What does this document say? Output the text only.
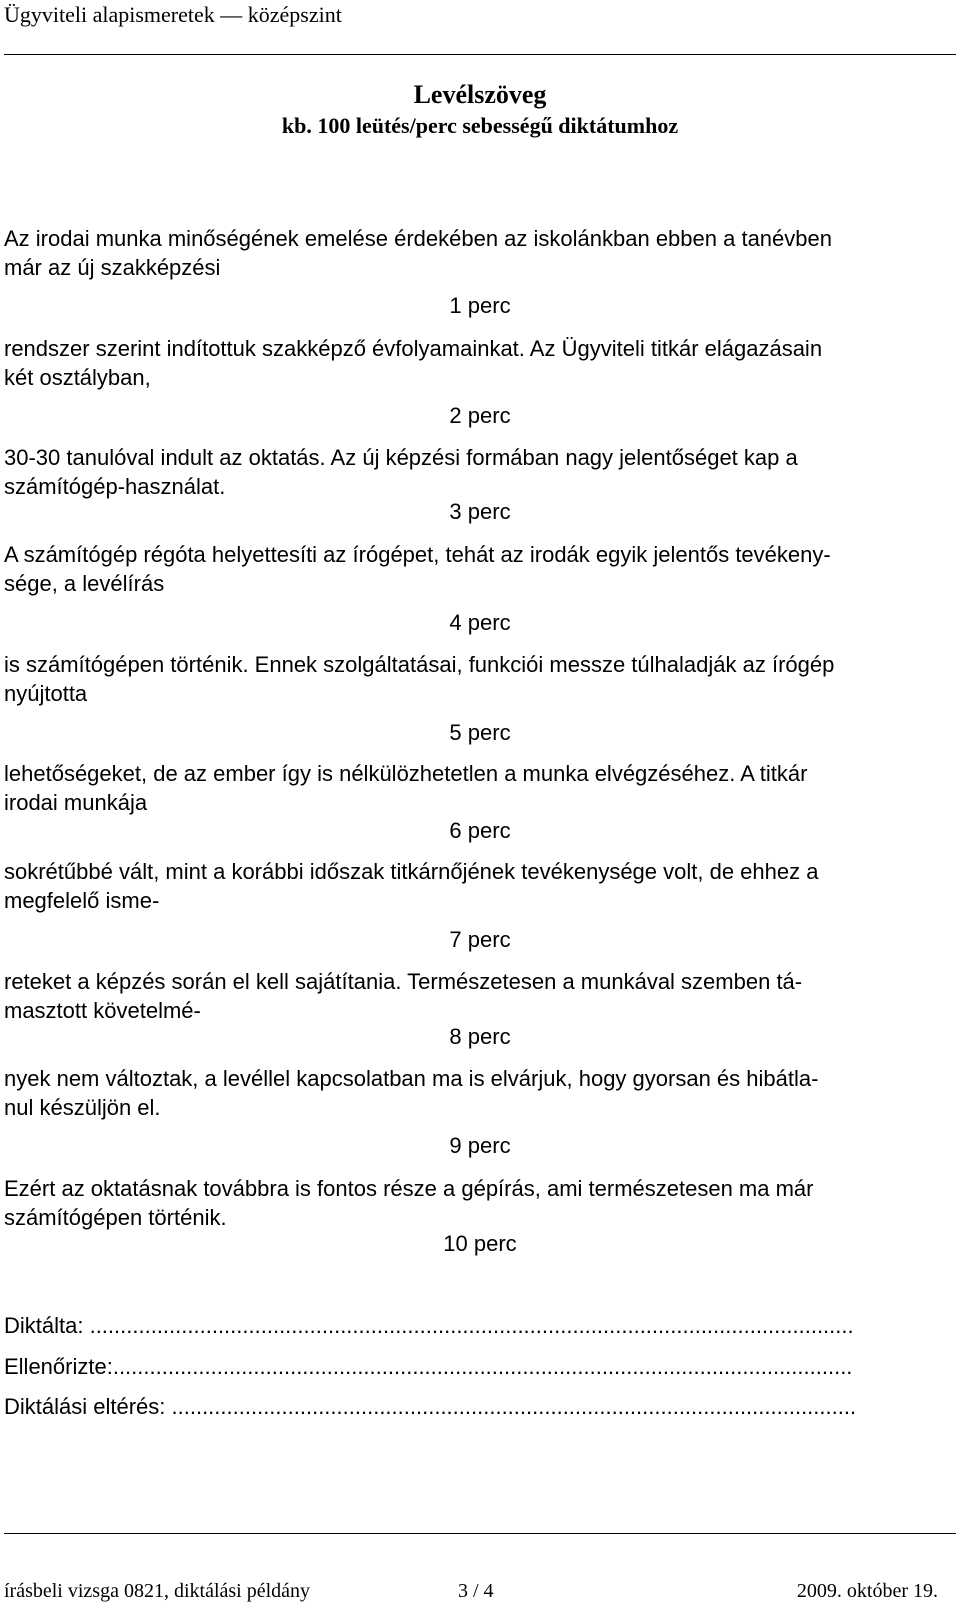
Ügyviteli alapismeretek — középszint
Levélszöveg
kb. 100 leütés/perc sebességű diktátumhoz
Az irodai munka minőségének emelése érdekében az iskolánkban ebben a tanévben
már az új szakképzési
1 perc
rendszer szerint indítottuk szakképző évfolyamainkat. Az Ügyviteli titkár elágazásain
két osztályban,
2 perc
30-30 tanulóval indult az oktatás. Az új képzési formában nagy jelentőséget kap a
számítógép-használat.
3 perc
A számítógép régóta helyettesíti az írógépet, tehát az irodák egyik jelentős tevékeny-
sége, a levélírás
4 perc
is számítógépen történik. Ennek szolgáltatásai, funkciói messze túlhaladják az írógép
nyújtotta
5 perc
lehetőségeket, de az ember így is nélkülözhetetlen a munka elvégzéséhez. A titkár
irodai munkája
6 perc
sokrétűbbé vált, mint a korábbi időszak titkárnőjének tevékenysége volt, de ehhez a
megfelelő isme-
7 perc
reteket a képzés során el kell sajátítania. Természetesen a munkával szemben tá-
masztott követelmé-
8 perc
nyek nem változtak, a levéllel kapcsolatban ma is elvárjuk, hogy gyorsan és hibátla-
nul készüljön el.
9 perc
Ezért az oktatásnak továbbra is fontos része a gépírás, ami természetesen ma már
számítógépen történik.
10 perc
Diktálta: .............................................................................................................................
Ellenőrizte:.........................................................................................................................
Diktálási eltérés: ................................................................................................................
írásbeli vizsga 0821, diktálási példány	3 / 4	2009. október 19.
